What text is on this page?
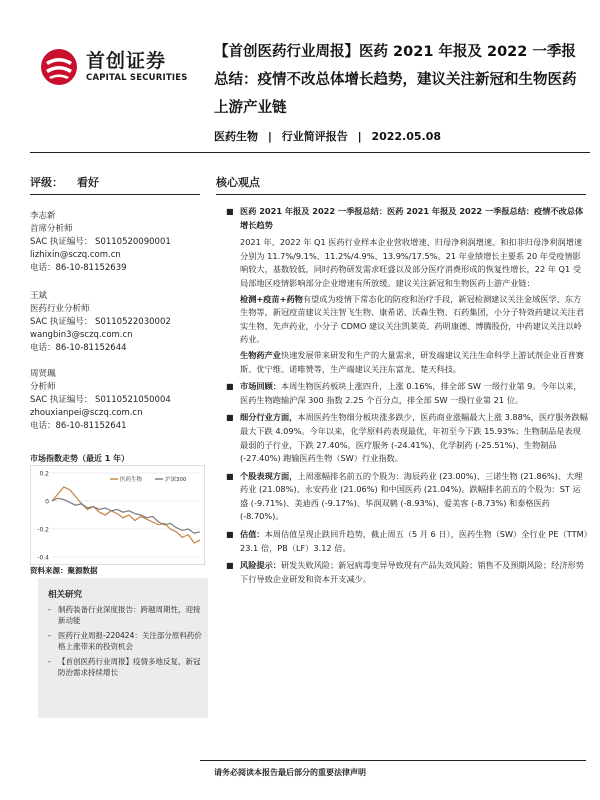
首创证券
CAPITAL SECURITIES
【首创医药行业周报】医药 2021 年报及 2022 一季报总结：疫情不改总体增长趋势，建议关注新冠和生物医药上游产业链
医药生物 | 行业简评报告 | 2022.05.08
评级： 看好
李志新
首席分析师
SAC 执证编号： S0110520090001
lizhixin@sczq.com.cn
电话：86-10-81152639
王斌
医药行业分析师
SAC 执证编号： S0110522030002
wangbin3@sczq.com.cn
电话：86-10-81152644
周贤珮
分析师
SAC 执证编号： S0110521050004
zhouxianpei@sczq.com.cn
电话：86-10-81152641
市场指数走势（最近 1 年）
0.2
0
-0.2
-0.4
医药生物	沪深300
资料来源：聚源数据
相关研究
- 制药装备行业深度报告：跨越周期性，迎接新动能
- 医药行业周报-220424：关注部分原料药价格上涨带来的投资机会
- 【首创医药行业周报】疫情多地反复，新冠防治需求持续增长
核心观点
■ 医药 2021 年报及 2022 一季报总结：医药 2021 年报及 2022 一季报总结：疫情不改总体增长趋势
2021 年、2022 年 Q1 医药行业样本企业营收增速、归母净利润增速、和扣非归母净利润增速分别为 11.7%/9.1%、11.2%/4.9%、13.9%/17.5%。21 年业绩增长主要系 20 年受疫情影响较大，基数较低，同时药物研发需求旺盛以及部分医疗消费形成的恢复性增长，22 年 Q1 受局部地区疫情影响部分企业增速有所放缓。建议关注新冠和生物医药上游产业链：
检测+疫苗+药物有望成为疫情下常态化的防疫和治疗手段，新冠检测建议关注金域医学、东方生物等，新冠疫苗建议关注智飞生物、康希诺、沃森生物、石药集团，小分子特效药建议关注君实生物、先声药业，小分子 CDMO 建议关注凯莱英、药明康德、博腾股份，中药建议关注以岭药业。
生物药产业快速发展带来研发和生产的大量需求，研发端建议关注生命科学上游试剂企业百普赛斯、优宁维、诺唯赞等，生产端建议关注东富龙、楚天科技。
■ 市场回顾：本周生物医药板块上涨四升，上涨 0.16%，排全部 SW 一级行业第 9。今年以来，医药生物跑输沪深 300 指数 2.25 个百分点，排全部 SW 一级行业第 21 位。
■ 细分行业方面，本周医药生物细分板块涨多跌少，医药商业涨幅最大上涨 3.88%，医疗服务跌幅最大下跌 4.09%。今年以来，化学原料药表现最优，年初至今下跌 15.93%；生物制品是表现最弱的子行业，下跌 27.40%。医疗服务 (-24.41%)、化学制药 (-25.51%)、生物制品 (-27.40%) 跑输医药生物（SW）行业指数。
■ 个股表现方面，上周涨幅排名前五的个股为：海辰药业 (23.00%)、三诺生物 (21.86%)、大理药业 (21.08%)、永安药业 (21.06%) 和中国医药 (21.04%)。跌幅排名前五的个股为：ST 运盛 (-9.71%)、美迪西 (-9.17%)、华润双鹤 (-8.93%)、爱美客 (-8.73%) 和泰格医药 (-8.70%)。
■ 估值：本周估值呈现止跌回升趋势，截止周五（5 月 6 日），医药生物（SW）全行业 PE（TTM）23.1 倍，PB（LF）3.12 倍。
■ 风险提示：研发失败风险；新冠病毒变异导致现有产品失效风险；销售不及预期风险；经济形势下行导致企业研发和资本开支减少。
请务必阅读本报告最后部分的重要法律声明
